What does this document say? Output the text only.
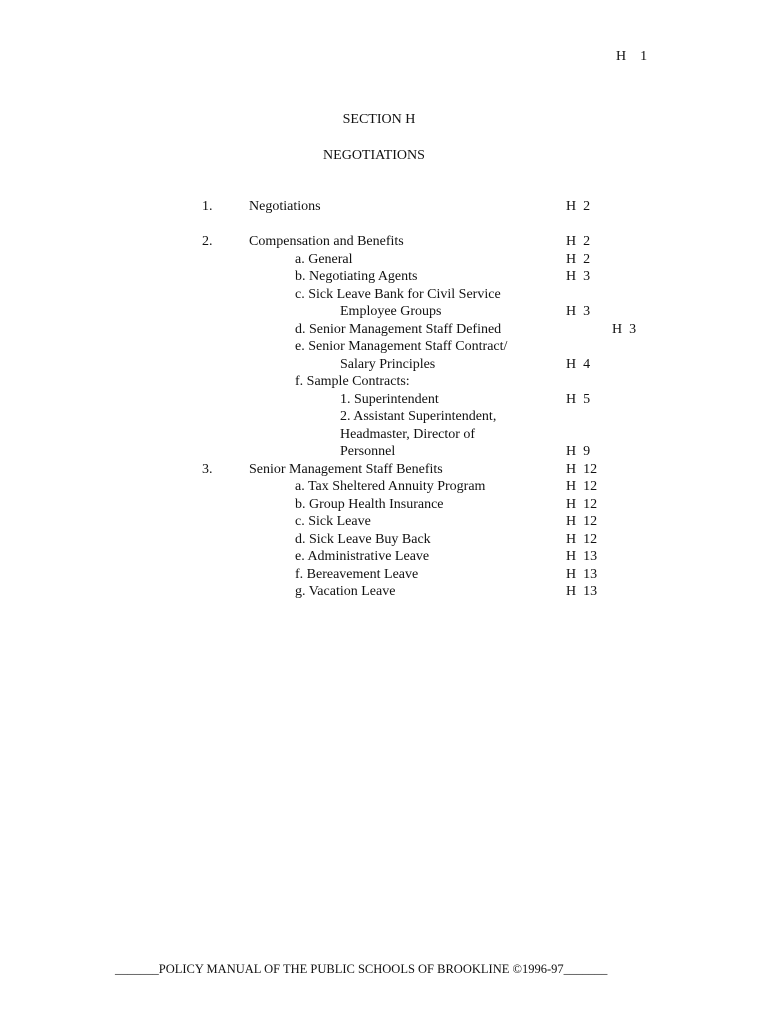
H    1
SECTION H
NEGOTIATIONS
1.	Negotiations	H  2
2.	Compensation and Benefits	H  2
a. General	H  2
b. Negotiating Agents	H  3
c. Sick Leave Bank for Civil Service
Employee Groups	H  3
d. Senior Management Staff Defined	H  3
e. Senior Management Staff Contract/
Salary Principles	H  4
f. Sample Contracts:
1. Superintendent	H  5
2. Assistant Superintendent,
Headmaster, Director of
Personnel	H  9
3.	Senior Management Staff Benefits	H  12
a. Tax Sheltered Annuity Program	H  12
b. Group Health Insurance	H  12
c. Sick Leave	H  12
d. Sick Leave Buy Back	H  12
e. Administrative Leave	H  13
f. Bereavement Leave	H  13
g. Vacation Leave	H  13
_______POLICY MANUAL OF THE PUBLIC SCHOOLS OF BROOKLINE ©1996-97_______
